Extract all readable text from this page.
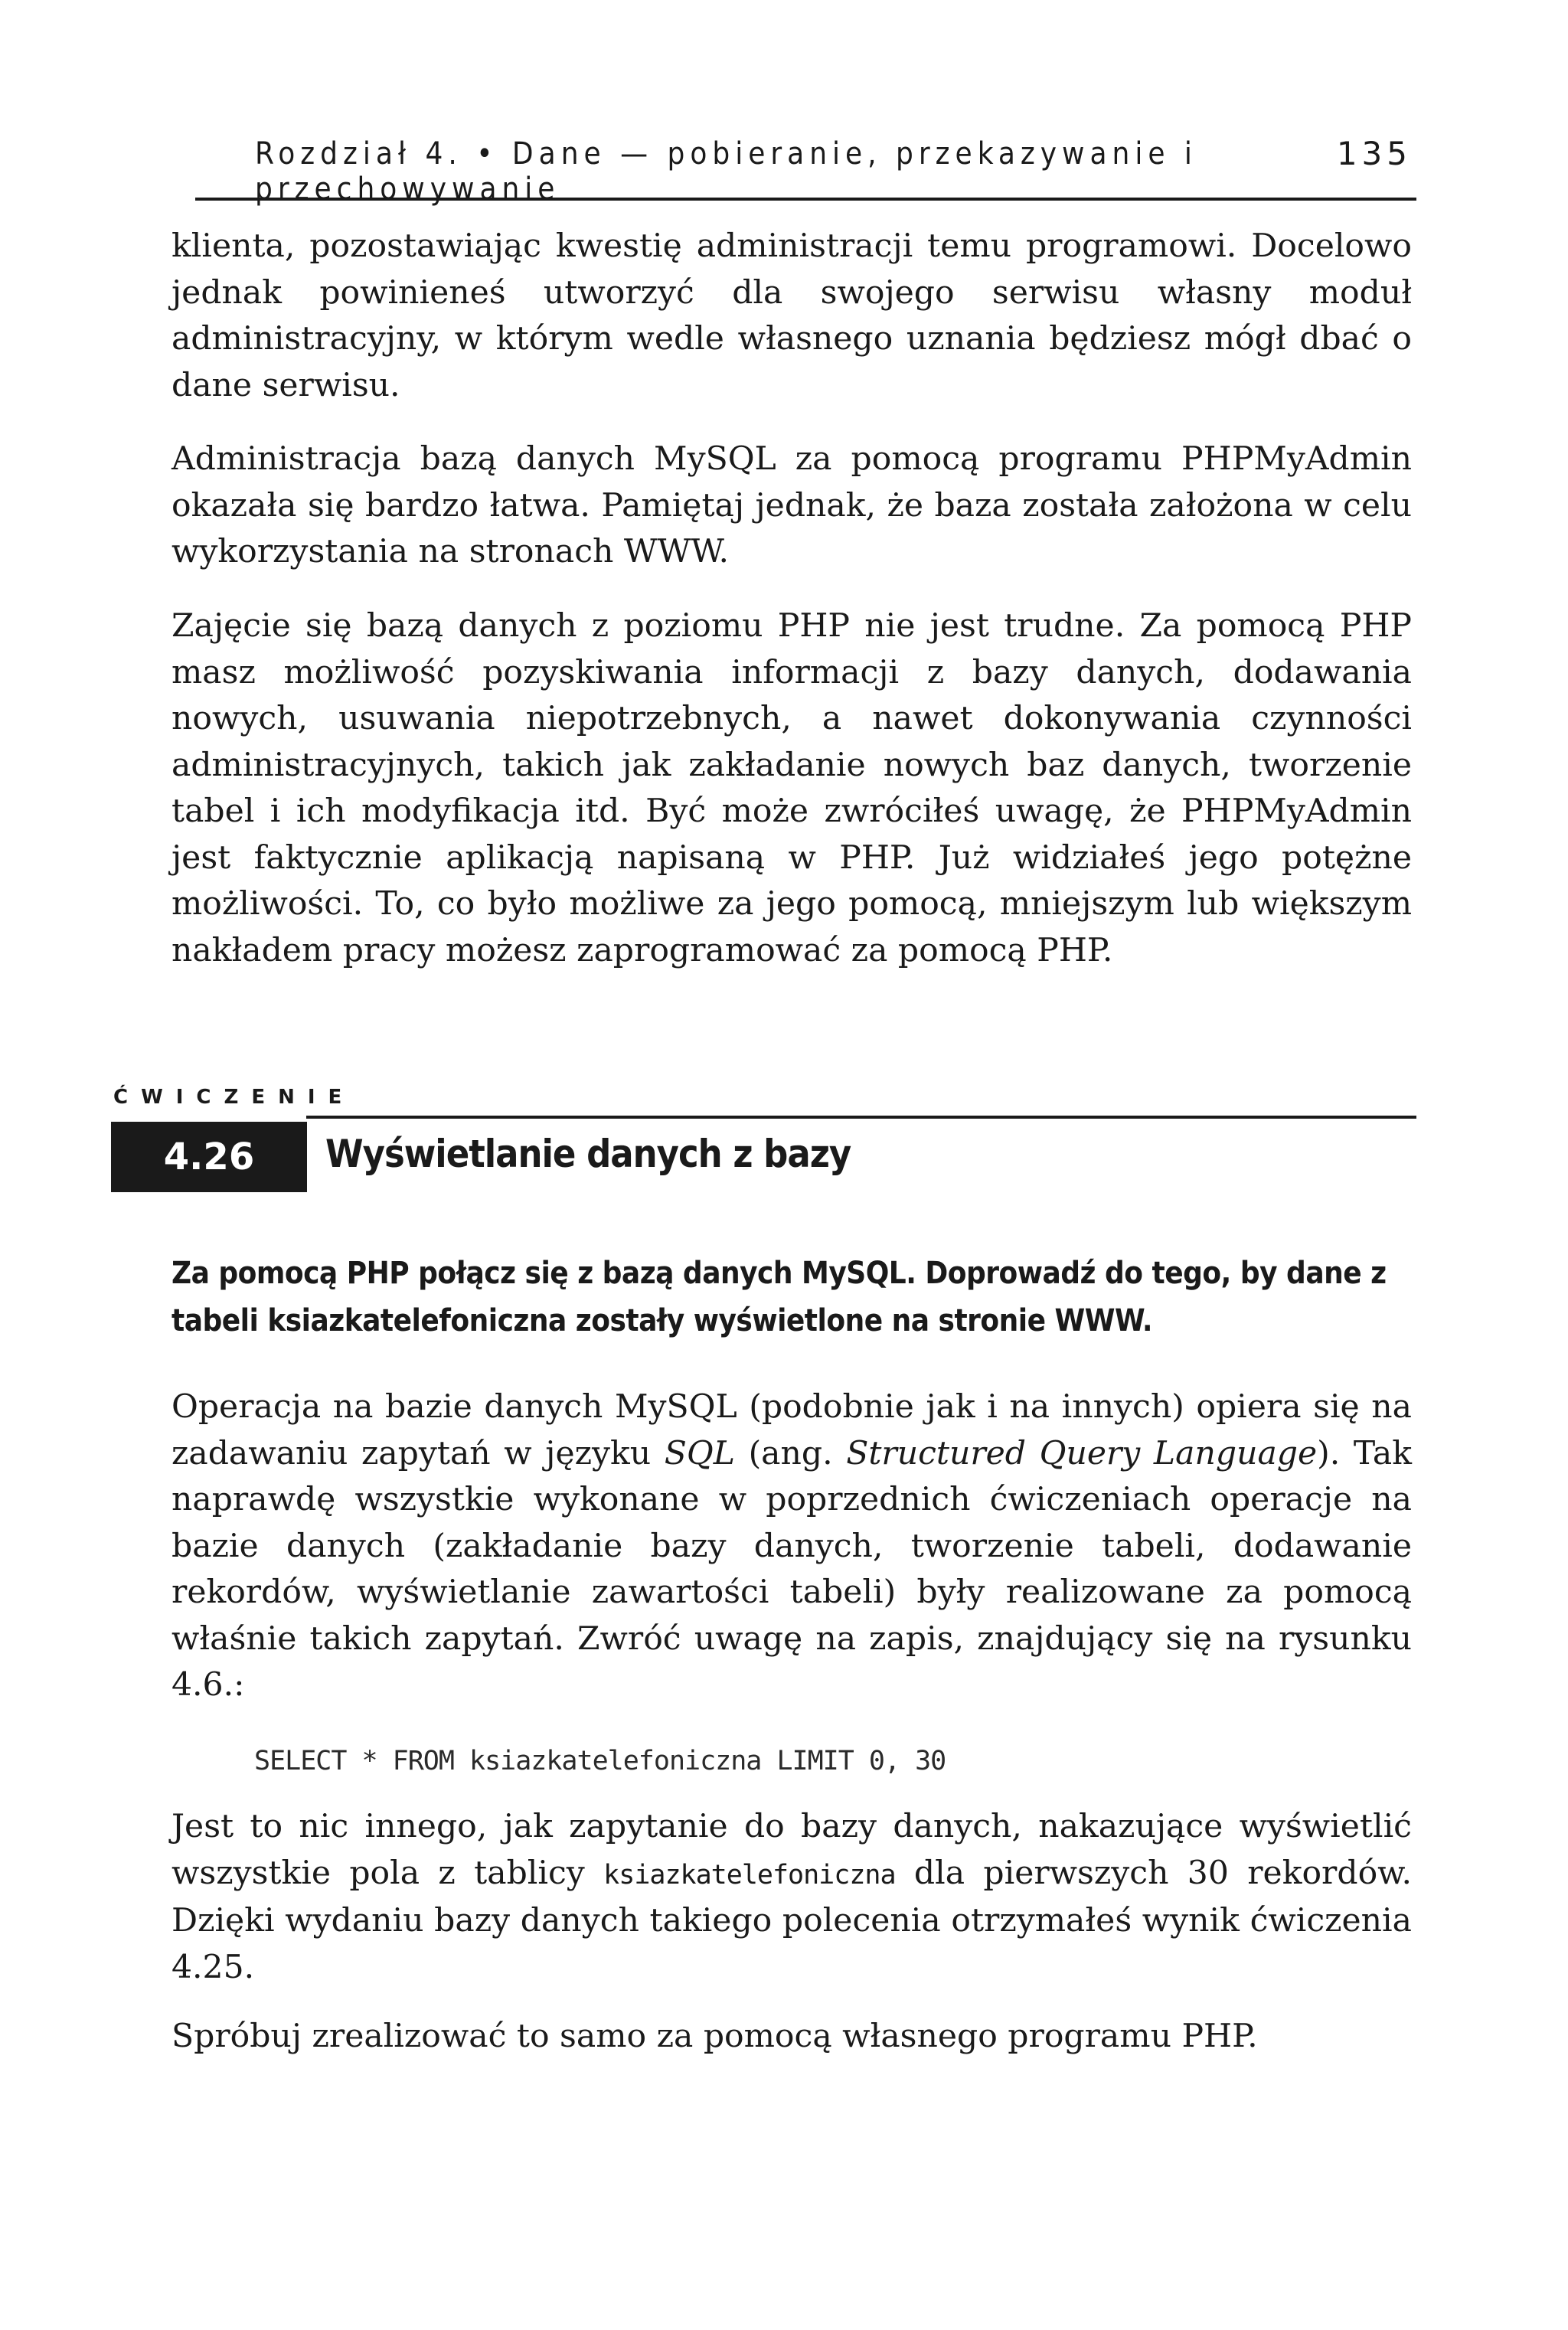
Rozdział 4. • Dane — pobieranie, przekazywanie i przechowywanie
135

klienta, pozostawiając kwestię administracji temu programowi. Docelowo jednak powinieneś utworzyć dla swojego serwisu własny moduł administracyjny, w którym wedle własnego uznania będziesz mógł dbać o dane serwisu.

Administracja bazą danych MySQL za pomocą programu PHPMyAdmin okazała się bardzo łatwa. Pamiętaj jednak, że baza została założona w celu wykorzystania na stronach WWW.

Zajęcie się bazą danych z poziomu PHP nie jest trudne. Za pomocą PHP masz możliwość pozyskiwania informacji z bazy danych, dodawania nowych, usuwania niepotrzebnych, a nawet dokonywania czynności administracyjnych, takich jak zakładanie nowych baz danych, tworzenie tabel i ich modyfikacja itd. Być może zwróciłeś uwagę, że PHPMyAdmin jest faktycznie aplikacją napisaną w PHP. Już widziałeś jego potężne możliwości. To, co było możliwe za jego pomocą, mniejszym lub większym nakładem pracy możesz zaprogramować za pomocą PHP.

ĆWICZENIE
4.26	Wyświetlanie danych z bazy

Za pomocą PHP połącz się z bazą danych MySQL. Doprowadź do tego, by dane z tabeli ksiazkatelefoniczna zostały wyświetlone na stronie WWW.

Operacja na bazie danych MySQL (podobnie jak i na innych) opiera się na zadawaniu zapytań w języku SQL (ang. Structured Query Language). Tak naprawdę wszystkie wykonane w poprzednich ćwiczeniach operacje na bazie danych (zakładanie bazy danych, tworzenie tabeli, dodawanie rekordów, wyświetlanie zawartości tabeli) były realizowane za pomocą właśnie takich zapytań. Zwróć uwagę na zapis, znajdujący się na rysunku 4.6.:

SELECT * FROM ksiazkatelefoniczna LIMIT 0, 30

Jest to nic innego, jak zapytanie do bazy danych, nakazujące wyświetlić wszystkie pola z tablicy ksiazkatelefoniczna dla pierwszych 30 rekordów. Dzięki wydaniu bazy danych takiego polecenia otrzymałeś wynik ćwiczenia 4.25.

Spróbuj zrealizować to samo za pomocą własnego programu PHP.
